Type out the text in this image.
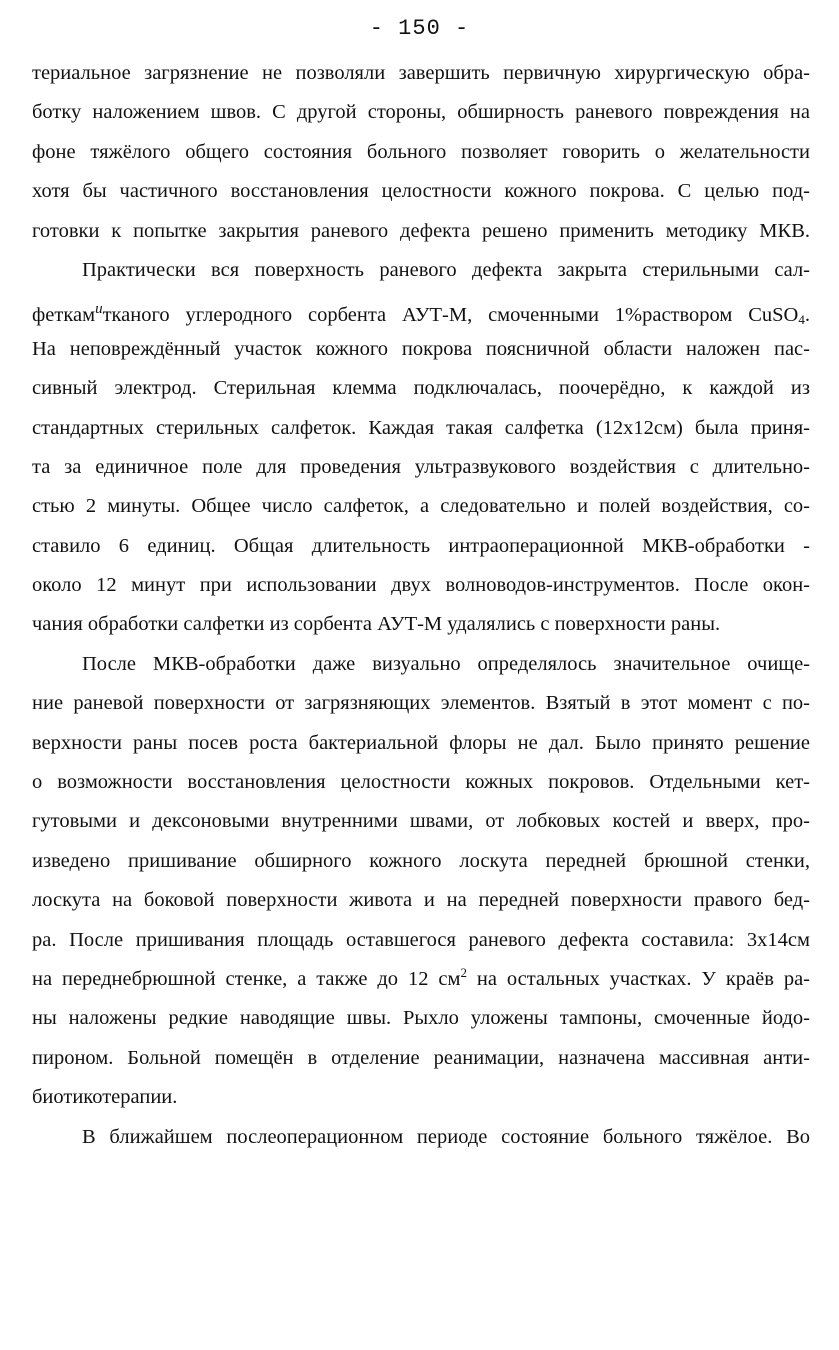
- 150 -
териальное загрязнение не позволяли завершить первичную хирургическую обра-
ботку наложением швов. С другой стороны, обширность раневого повреждения на
фоне тяжёлого общего состояния больного позволяет говорить о желательности
хотя бы частичного восстановления целостности кожного покрова. С целью под-
готовки к попытке закрытия раневого дефекта решено применить методику МКВ.
Практически вся поверхность раневого дефекта закрыта стерильными сал-
феткам$^и$тканого углеродного сорбента АУТ-М, смоченными 1%раствором CuSO$_4$.
На неповреждённый участок кожного покрова поясничной области наложен пас-
сивный электрод. Стерильная клемма подключалась, поочерёдно, к каждой из
стандартных стерильных салфеток. Каждая такая салфетка (12х12см) была приня-
та за единичное поле для проведения ультразвукового воздействия с длительно-
стью 2 минуты. Общее число салфеток, а следовательно и полей воздействия, со-
ставило 6 единиц. Общая длительность интраоперационной МКВ-обработки -
около 12 минут при использовании двух волноводов-инструментов. После окон-
чания обработки салфетки из сорбента АУТ-М удалялись с поверхности раны.
После МКВ-обработки даже визуально определялось значительное очище-
ние раневой поверхности от загрязняющих элементов. Взятый в этот момент с по-
верхности раны посев роста бактериальной флоры не дал. Было принято решение
о возможности восстановления целостности кожных покровов. Отдельными кет-
гутовыми и дексоновыми внутренними швами, от лобковых костей и вверх, про-
изведено пришивание обширного кожного лоскута передней брюшной стенки,
лоскута на боковой поверхности живота и на передней поверхности правого бед-
ра. После пришивания площадь оставшегося раневого дефекта составила: 3х14см
на переднебрюшной стенке, а также до 12 $см^2$ на остальных участках. У краёв ра-
ны наложены редкие наводящие швы. Рыхло уложены тампоны, смоченные йодо-
пироном. Больной помещён в отделение реанимации, назначена массивная анти-
биотикотерапии.
В ближайшем послеоперационном периоде состояние больного тяжёлое. Во
